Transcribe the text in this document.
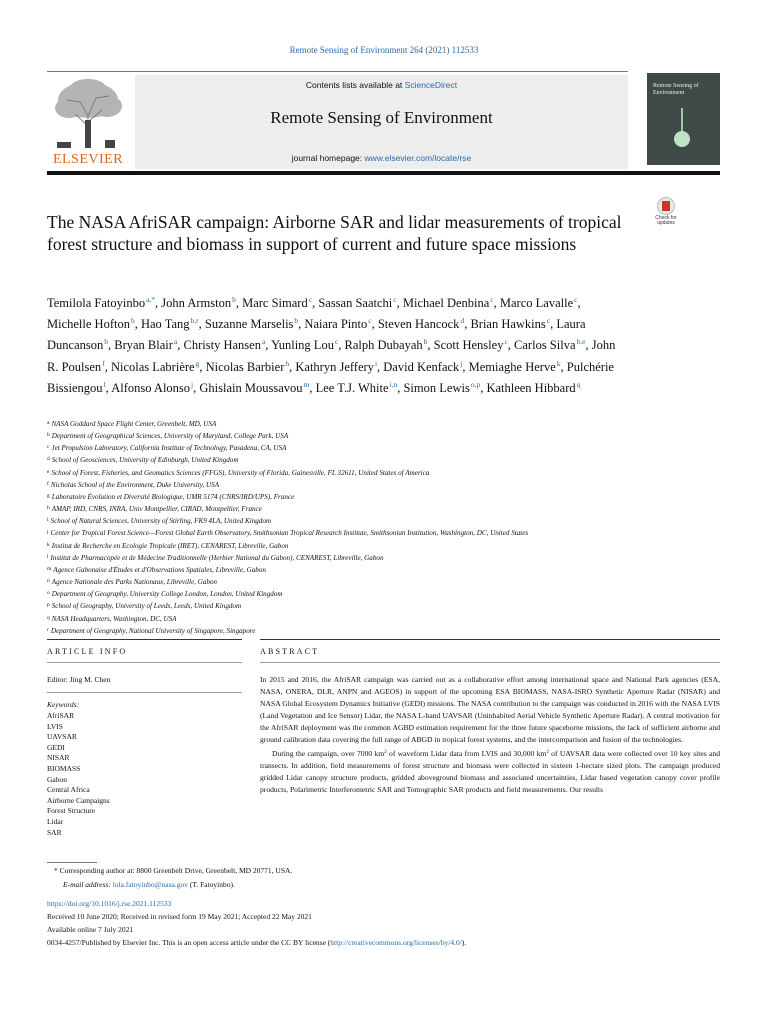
Remote Sensing of Environment 264 (2021) 112533
ELSEVIER
Contents lists available at ScienceDirect
Remote Sensing of Environment
journal homepage: www.elsevier.com/locate/rse
Remote Sensing of Environment
Check for updates
The NASA AfriSAR campaign: Airborne SAR and lidar measurements of tropical forest structure and biomass in support of current and future space missions
Temilola Fatoyinbo$^{a,*}$, John Armston$^b$, Marc Simard$^c$, Sassan Saatchi$^c$, Michael Denbina$^c$, Marco Lavalle$^c$, Michelle Hofton$^b$, Hao Tang$^{b,r}$, Suzanne Marselis$^b$, Naiara Pinto$^c$, Steven Hancock$^d$, Brian Hawkins$^c$, Laura Duncanson$^b$, Bryan Blair$^a$, Christy Hansen$^a$, Yunling Lou$^c$, Ralph Dubayah$^b$, Scott Hensley$^c$, Carlos Silva$^{b,e}$, John R. Poulsen$^f$, Nicolas Labrière$^g$, Nicolas Barbier$^h$, Kathryn Jeffery$^i$, David Kenfack$^j$, Memiaghe Herve$^k$, Pulchérie Bissiengou$^l$, Alfonso Alonso$^j$, Ghislain Moussavou$^m$, Lee T.J. White$^{i,n}$, Simon Lewis$^{o,p}$, Kathleen Hibbard$^q$
$^a$ NASA Goddard Space Flight Center, Greenbelt, MD, USA
$^b$ Department of Geographical Sciences, University of Maryland, College Park, USA
$^c$ Jet Propulsion Laboratory, California Institute of Technology, Pasadena, CA, USA
$^d$ School of Geosciences, University of Edinburgh, United Kingdom
$^e$ School of Forest, Fisheries, and Geomatics Sciences (FFGS), University of Florida, Gainesville, FL 32611, United States of America
$^f$ Nicholas School of the Environment, Duke University, USA
$^g$ Laboratoire Évolution et Diversité Biologique, UMR 5174 (CNRS/IRD/UPS), France
$^h$ AMAP, IRD, CNRS, INRA, Univ Montpellier, CIRAD, Montpellier, France
$^i$ School of Natural Sciences, University of Stirling, FK9 4LA, United Kingdom
$^j$ Center for Tropical Forest Science—Forest Global Earth Observatory, Smithsonian Tropical Research Institute, Smithsonian Institution, Washington, DC, United States
$^k$ Institut de Recherche en Ecologie Tropicale (IRET), CENAREST, Libreville, Gabon
$^l$ Institut de Pharmacopée et de Médecine Traditionnelle (Herbier National du Gabon), CENAREST, Libreville, Gabon
$^m$ Agence Gabonaise d'Études et d'Observations Spatiales, Libreville, Gabon
$^n$ Agence Nationale des Parks Nationaux, Libreville, Gabon
$^o$ Department of Geography, University College London, London, United Kingdom
$^p$ School of Geography, University of Leeds, Leeds, United Kingdom
$^q$ NASA Headquarters, Washington, DC, USA
$^r$ Department of Geography, National University of Singapore, Singapore
ARTICLE INFO	ABSTRACT
Editor: Jing M. Chen
Keywords:
AfriSAR
LVIS
UAVSAR
GEDI
NISAR
BIOMASS
Gabon
Central Africa
Airborne Campaigns
Forest Structure
Lidar
SAR

In 2015 and 2016, the AfriSAR campaign was carried out as a collaborative effort among international space and National Park agencies (ESA, NASA, ONERA, DLR, ANPN and AGEOS) in support of the upcoming ESA BIOMASS, NASA-ISRO Synthetic Aperture Radar (NISAR) and NASA Global Ecosystem Dynamics Initiative (GEDI) missions. The NASA contribution to the campaign was conducted in 2016 with the NASA LVIS (Land Vegetation and Ice Sensor) Lidar, the NASA L-band UAVSAR (Uninhabited Aerial Vehicle Synthetic Aperture Radar). A central motivation for the AfriSAR deployment was the common AGBD estimation requirement for the three future spaceborne missions, the lack of sufficient airborne and ground calibration data covering the full range of ABGD in tropical forest systems, and the intercomparison and fusion of the technologies.

During the campaign, over 7000 $km^2$ of waveform Lidar data from LVIS and 30,000 $km^2$ of UAVSAR data were collected over 10 key sites and transects. In addition, field measurements of forest structure and biomass were collected in sixteen 1-hectare sized plots. The campaign produced gridded Lidar canopy structure products, gridded aboveground biomass and associated uncertainties, Lidar based vegetation canopy cover profile products, Polarimetric Interferometric SAR and Tomographic SAR products and field measurements. Our results

* Corresponding author at: 8800 Greenbelt Drive, Greenbelt, MD 20771, USA.
E-mail address: lola.fatoyinbo@nasa.gov (T. Fatoyinbo).
https://doi.org/10.1016/j.rse.2021.112533
Received 10 June 2020; Received in revised form 19 May 2021; Accepted 22 May 2021
Available online 7 July 2021
0034-4257/Published by Elsevier Inc. This is an open access article under the CC BY license (http://creativecommons.org/licenses/by/4.0/).
